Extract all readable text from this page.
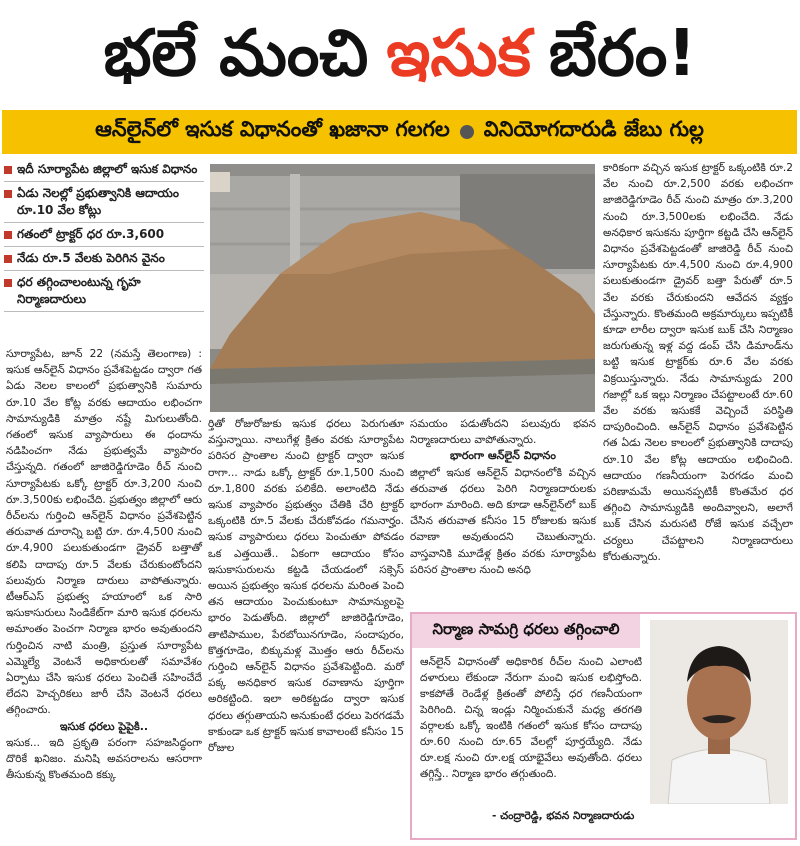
భలే మంచి ఇసుక బేరం!
ఆన్‌లైన్‌లో ఇసుక విధానంతో ఖజానా గలగల వినియోగదారుడి జేబు గుల్ల
ఇదీ సూర్యాపేట జిల్లాలో ఇసుక విధానం
ఏడు నెలల్లో ప్రభుత్వానికి ఆదాయం రూ.10 వేల కోట్లు
గతంలో ట్రాక్టర్ ధర రూ.3,600
నేడు రూ.5 వేలకు పెరిగిన వైనం
ధర తగ్గించాలంటున్న గృహ నిర్మాణదారులు

సూర్యాపేట, జూన్ 22 (నమస్తే తెలంగాణ) : ఇసుక ఆన్‌లైన్ విధానం ప్రవేశపెట్టడం ద్వారా గత ఏడు నెలల కాలంలో ప్రభుత్వానికి సుమారు రూ.10 వేల కోట్ల వరకు ఆదాయం లభించగా సామాన్యుడికి మాత్రం నష్టే మిగులుతోంది. గతంలో ఇసుక వ్యాపారులు ఈ ధందాను నడిపించగా నేడు ప్రభుత్వమే వ్యాపారం చేస్తున్నది. గతంలో జాజిరెడ్డిగూడెం రీచ్ నుంచి సూర్యాపేటకు ఒక్కో ట్రాక్టర్ రూ.3,200 నుంచి రూ.3,500కు లభించేది. ప్రభుత్వం జిల్లాలో ఆరు రీచ్‌లను గుర్తించి ఆన్‌లైన్ విధానం ప్రవేశపెట్టిన తరువాత దూరాన్ని బట్టి రూ. రూ.4,500 నుంచి రూ.4,900 పలుకుతుండగా డ్రైవర్ బత్తాతో కలిపి దాదాపు రూ.5 వేలకు చేరుకుంటోందని పలువురు నిర్మాణ దారులు వాపోతున్నారు. టీఆర్‌ఎస్ ప్రభుత్వ హయాంలో ఒక సారి ఇసుకాసురులు సిండికేట్‌గా మారి ఇసుక ధరలను అమాంతం పెంచగా నిర్మాణ భారం అవుతుందని గుర్తించిన నాటి మంత్రి, ప్రస్తుత సూర్యాపేట ఎమ్మెల్యే వెంటనే అధికారులతో సమావేశం ఏర్పాటు చేసి ఇసుక ధరలు పెంచితే సహించేదే లేదని హెచ్చరికలు జారీ చేసి వెంటనే ధరలు తగ్గించారు.

ఇసుక ధరలు పైపైకి..

ఇసుక... ఇది ప్రకృతి పరంగా సహజసిద్ధంగా దొరికే ఖనిజం. మనిషి అవసరాలను ఆసరాగా తీసుకున్న కొంతమంది కక్కు

ర్తితో రోజురోజుకు ఇసుక ధరలు పెరుగుతూ వస్తున్నాయి. నాలుగేళ్ల క్రితం వరకు సూర్యాపేట పరిసర ప్రాంతాల నుంచి ట్రాక్టర్ ద్వారా ఇసుక రాగా... నాడు ఒక్కో ట్రాక్టర్ రూ.1,500 నుంచి రూ.1,800 వరకు పలికేది. అలాంటిది నేడు ఇసుక వ్యాపారం ప్రభుత్వం చేతికి చేరి ట్రాక్టర్ ఒక్కంటికి రూ.5 వేలకు చేరుకోవడం గమనార్హం. ఇసుక వ్యాపారులు ధరలు పెంచుతూ పోవడం ఒక ఎత్తయితే.. ఏకంగా ఆదాయం కోసం ఇసుకాసురులను కట్టడి చేయడంలో సక్సెస్ అయిన ప్రభుత్వం ఇసుక ధరలను మరింత పెంచి తన ఆదాయం పెంచుకుంటూ సామాన్యులపై భారం పెడుతోంది. జిల్లాలో జాజిరెడ్డిగూడెం, తాటిపాముల, పేరబోయినగూడెం, సందాపురం, కొత్తగూడెం, బిక్కుమళ్ల మొత్తం ఆరు రీచ్‌లను గుర్తించి ఆన్‌లైన్ విధానం ప్రవేశపెట్టింది. మరో పక్క అనధికార ఇసుక రవాణాను పూర్తిగా అరికట్టింది. ఇలా అరికట్టడం ద్వారా ఇసుక ధరలు తగ్గుతాయని అనుకుంటే ధరలు పెరగడమే కాకుండా ఒక ట్రాక్టర్ ఇసుక కావాలంటే కనీసం 15 రోజుల

సమయం పడుతోందని పలువురు భవన నిర్మాణదారులు వాపోతున్నారు.

భారంగా ఆన్‌లైన్ విధానం

జిల్లాలో ఇసుక ఆన్‌లైన్ విధానంలోకి వచ్చిన తరువాత ధరలు పెరిగి నిర్మాణదారులకు భారంగా మారింది. అది కూడా ఆన్‌లైన్‌లో బుక్ చేసిన తరువాత కనీసం 15 రోజులకు ఇసుక రవాణా అవుతుందని చెబుతున్నారు. వాస్తవానికి మూడేళ్ల క్రితం వరకు సూర్యాపేట పరిసర ప్రాంతాల నుంచి అనధి

కారికంగా వచ్చిన ఇసుక ట్రాక్టర్ ఒక్కంటికి రూ.2 వేల నుంచి రూ.2,500 వరకు లభించగా జాజిరెడ్డిగూడెం రీచ్ నుంచి మాత్రం రూ.3,200 నుంచి రూ.3,500లకు లభించేది. నేడు అనధికార ఇసుకను పూర్తిగా కట్టడి చేసి ఆన్‌లైన్ విధానం ప్రవేశపెట్టడంతో జాజిరెడ్డి రీచ్ నుంచి సూర్యాపేటకు రూ.4,500 నుంచి రూ.4,900 పలుకుతుండగా డ్రైవర్ బత్తా పేరుతో రూ.5 వేల వరకు చేరుకుందని ఆవేదన వ్యక్తం చేస్తున్నారు. కొంతమంది అక్రమార్కులు ఇప్పటికీ కూడా లారీల ద్వారా ఇసుక బుక్ చేసి నిర్మాణం జరుగుతున్న ఇళ్ల వద్ద డంప్ చేసి డిమాండ్‌ను బట్టి ఇసుక ట్రాక్టర్‌కు రూ.6 వేల వరకు విక్రయిస్తున్నారు. నేడు సామాన్యుడు 200 గజాల్లో ఒక ఇల్లు నిర్మాణం చేపట్టాలంటే రూ.60 వేల వరకు ఇసుకకే వెచ్చించే పరిస్థితి దాపురించింది. ఆన్‌లైన్ విధానం ప్రవేశపెట్టిన గత ఏడు నెలల కాలంలో ప్రభుత్వానికి దాదాపు రూ.10 వేల కోట్ల ఆదాయం లభించింది. ఆదాయం గణనీయంగా పెరగడం మంచి పరిణామమే అయినప్పటికీ కొంతమేర ధర తగ్గించి సామాన్యుడికి అందివ్వాలని, అలాగే బుక్ చేసిన మరుసటి రోజే ఇసుక వచ్చేలా చర్యలు చేపట్టాలని నిర్మాణదారులు కోరుతున్నారు.

నిర్మాణ సామగ్రి ధరలు తగ్గించాలి
ఆన్‌లైన్ విధానంతో అధికారిక రీచ్‌ల నుంచి ఎలాంటి దళారులు లేకుండా నేరుగా మంచి ఇసుక లభిస్తోంది. కాకపోతే రెండేళ్ల క్రితంతో పోలిస్తే ధర గణనీయంగా పెరిగింది. చిన్న ఇండ్లు నిర్మించుకునే మధ్య తరగతి వర్గాలకు ఒక్కో ఇంటికి గతంలో ఇసుక కోసం దాదాపు రూ.60 నుంచి రూ.65 వేలల్లో పూర్తయ్యేది. నేడు రూ.లక్ష నుంచి రూ.లక్ష యాభైవేలు అవుతోంది. ధరలు తగ్గిస్తే.. నిర్మాణ భారం తగ్గుతుంది.
- చంద్రారెడ్డి, భవన నిర్మాణదారుడు
